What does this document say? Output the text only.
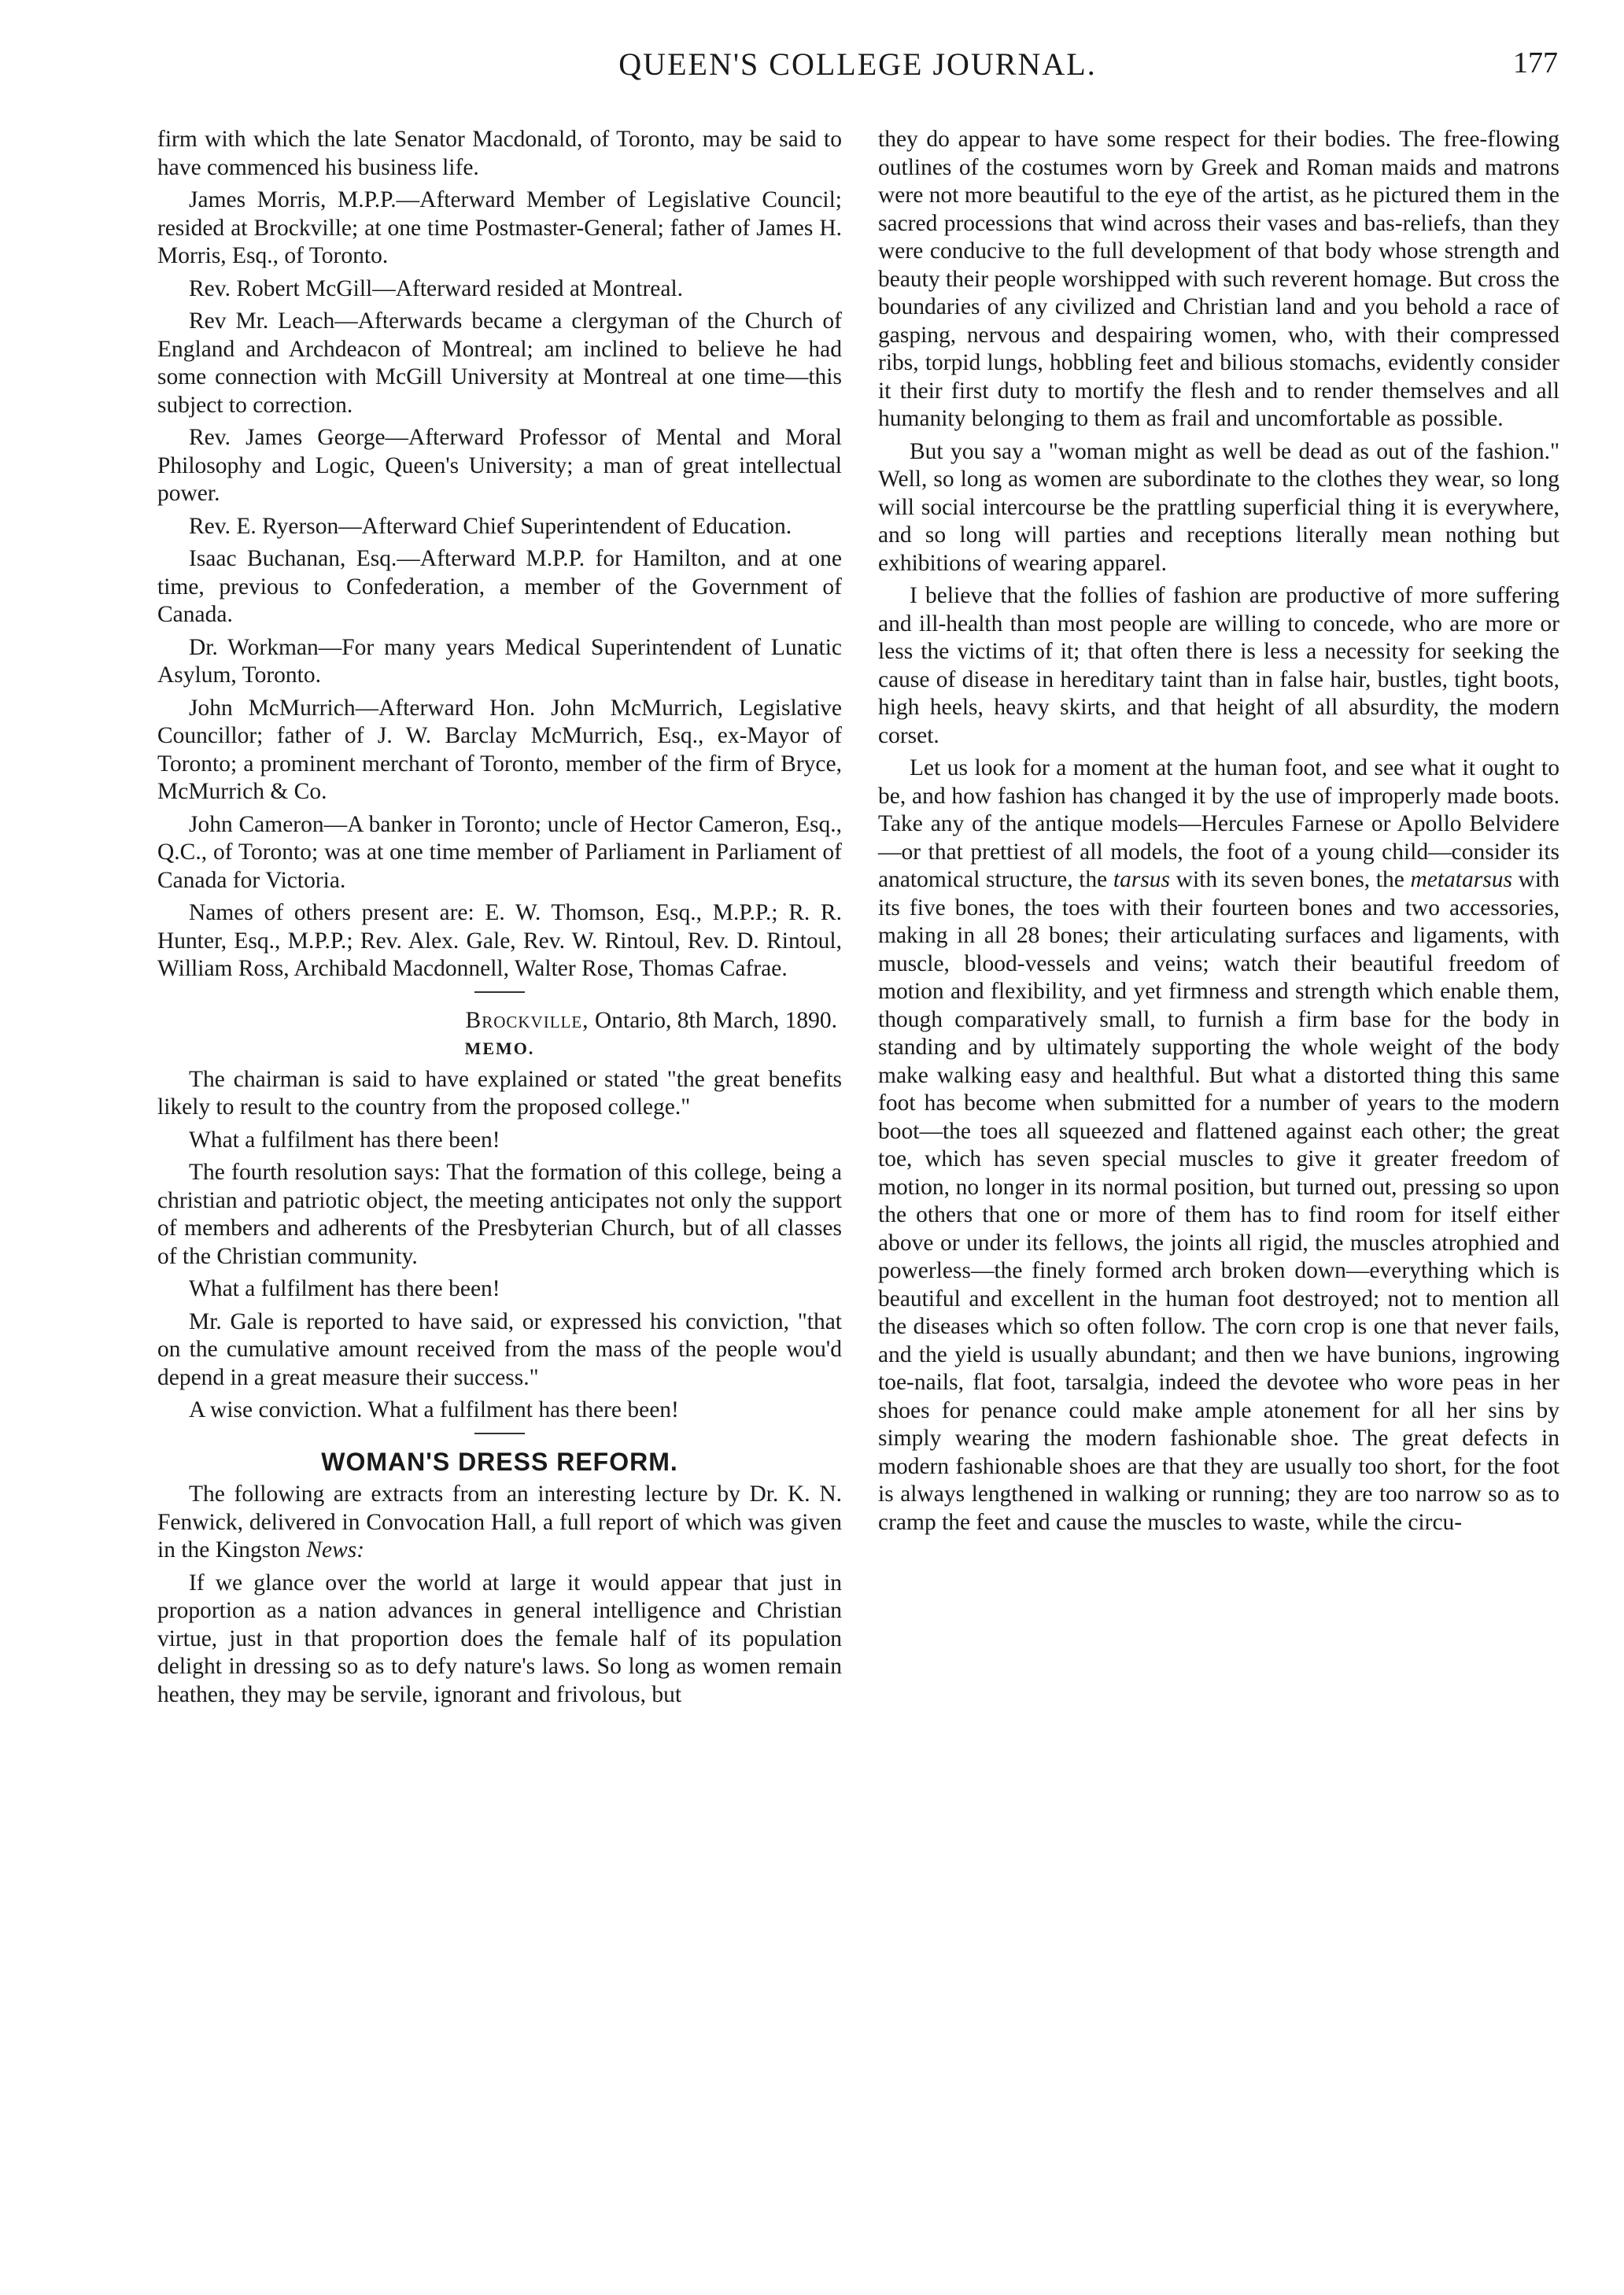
QUEEN'S COLLEGE JOURNAL.	177

firm with which the late Senator Macdonald, of Toronto, may be said to have commenced his business life.

James Morris, M.P.P.—Afterward Member of Legislative Council; resided at Brockville; at one time Postmaster-General; father of James H. Morris, Esq., of Toronto.

Rev. Robert McGill—Afterward resided at Montreal.

Rev Mr. Leach—Afterwards became a clergyman of the Church of England and Archdeacon of Montreal; am inclined to believe he had some connection with McGill University at Montreal at one time—this subject to correction.

Rev. James George—Afterward Professor of Mental and Moral Philosophy and Logic, Queen's University; a man of great intellectual power.

Rev. E. Ryerson—Afterward Chief Superintendent of Education.

Isaac Buchanan, Esq.—Afterward M.P.P. for Hamilton, and at one time, previous to Confederation, a member of the Government of Canada.

Dr. Workman—For many years Medical Superintendent of Lunatic Asylum, Toronto.

John McMurrich—Afterward Hon. John McMurrich, Legislative Councillor; father of J. W. Barclay McMurrich, Esq., ex-Mayor of Toronto; a prominent merchant of Toronto, member of the firm of Bryce, McMurrich & Co.

John Cameron—A banker in Toronto; uncle of Hector Cameron, Esq., Q.C., of Toronto; was at one time member of Parliament in Parliament of Canada for Victoria.

Names of others present are: E. W. Thomson, Esq., M.P.P.; R. R. Hunter, Esq., M.P.P.; Rev. Alex. Gale, Rev. W. Rintoul, Rev. D. Rintoul, William Ross, Archibald Macdonnell, Walter Rose, Thomas Cafrae.

Brockville, Ontario, 8th March, 1890.
MEMO.

The chairman is said to have explained or stated "the great benefits likely to result to the country from the proposed college."

What a fulfilment has there been!

The fourth resolution says: That the formation of this college, being a christian and patriotic object, the meeting anticipates not only the support of members and adherents of the Presbyterian Church, but of all classes of the Christian community.

What a fulfilment has there been!

Mr. Gale is reported to have said, or expressed his conviction, "that on the cumulative amount received from the mass of the people wou'd depend in a great measure their success."

A wise conviction. What a fulfilment has there been!

WOMAN'S DRESS REFORM.

The following are extracts from an interesting lecture by Dr. K. N. Fenwick, delivered in Convocation Hall, a full report of which was given in the Kingston News:

If we glance over the world at large it would appear that just in proportion as a nation advances in general intelligence and Christian virtue, just in that proportion does the female half of its population delight in dressing so as to defy nature's laws. So long as women remain heathen, they may be servile, ignorant and frivolous, but

they do appear to have some respect for their bodies. The free-flowing outlines of the costumes worn by Greek and Roman maids and matrons were not more beautiful to the eye of the artist, as he pictured them in the sacred processions that wind across their vases and bas-reliefs, than they were conducive to the full development of that body whose strength and beauty their people worshipped with such reverent homage. But cross the boundaries of any civilized and Christian land and you behold a race of gasping, nervous and despairing women, who, with their compressed ribs, torpid lungs, hobbling feet and bilious stomachs, evidently consider it their first duty to mortify the flesh and to render themselves and all humanity belonging to them as frail and uncomfortable as possible.

But you say a "woman might as well be dead as out of the fashion." Well, so long as women are subordinate to the clothes they wear, so long will social intercourse be the prattling superficial thing it is everywhere, and so long will parties and receptions literally mean nothing but exhibitions of wearing apparel.

I believe that the follies of fashion are productive of more suffering and ill-health than most people are willing to concede, who are more or less the victims of it; that often there is less a necessity for seeking the cause of disease in hereditary taint than in false hair, bustles, tight boots, high heels, heavy skirts, and that height of all absurdity, the modern corset.

Let us look for a moment at the human foot, and see what it ought to be, and how fashion has changed it by the use of improperly made boots. Take any of the antique models—Hercules Farnese or Apollo Belvidere—or that prettiest of all models, the foot of a young child—consider its anatomical structure, the tarsus with its seven bones, the metatarsus with its five bones, the toes with their fourteen bones and two accessories, making in all 28 bones; their articulating surfaces and ligaments, with muscle, blood-vessels and veins; watch their beautiful freedom of motion and flexibility, and yet firmness and strength which enable them, though comparatively small, to furnish a firm base for the body in standing and by ultimately supporting the whole weight of the body make walking easy and healthful. But what a distorted thing this same foot has become when submitted for a number of years to the modern boot—the toes all squeezed and flattened against each other; the great toe, which has seven special muscles to give it greater freedom of motion, no longer in its normal position, but turned out, pressing so upon the others that one or more of them has to find room for itself either above or under its fellows, the joints all rigid, the muscles atrophied and powerless—the finely formed arch broken down—everything which is beautiful and excellent in the human foot destroyed; not to mention all the diseases which so often follow. The corn crop is one that never fails, and the yield is usually abundant; and then we have bunions, ingrowing toe-nails, flat foot, tarsalgia, indeed the devotee who wore peas in her shoes for penance could make ample atonement for all her sins by simply wearing the modern fashionable shoe. The great defects in modern fashionable shoes are that they are usually too short, for the foot is always lengthened in walking or running; they are too narrow so as to cramp the feet and cause the muscles to waste, while the circu-
